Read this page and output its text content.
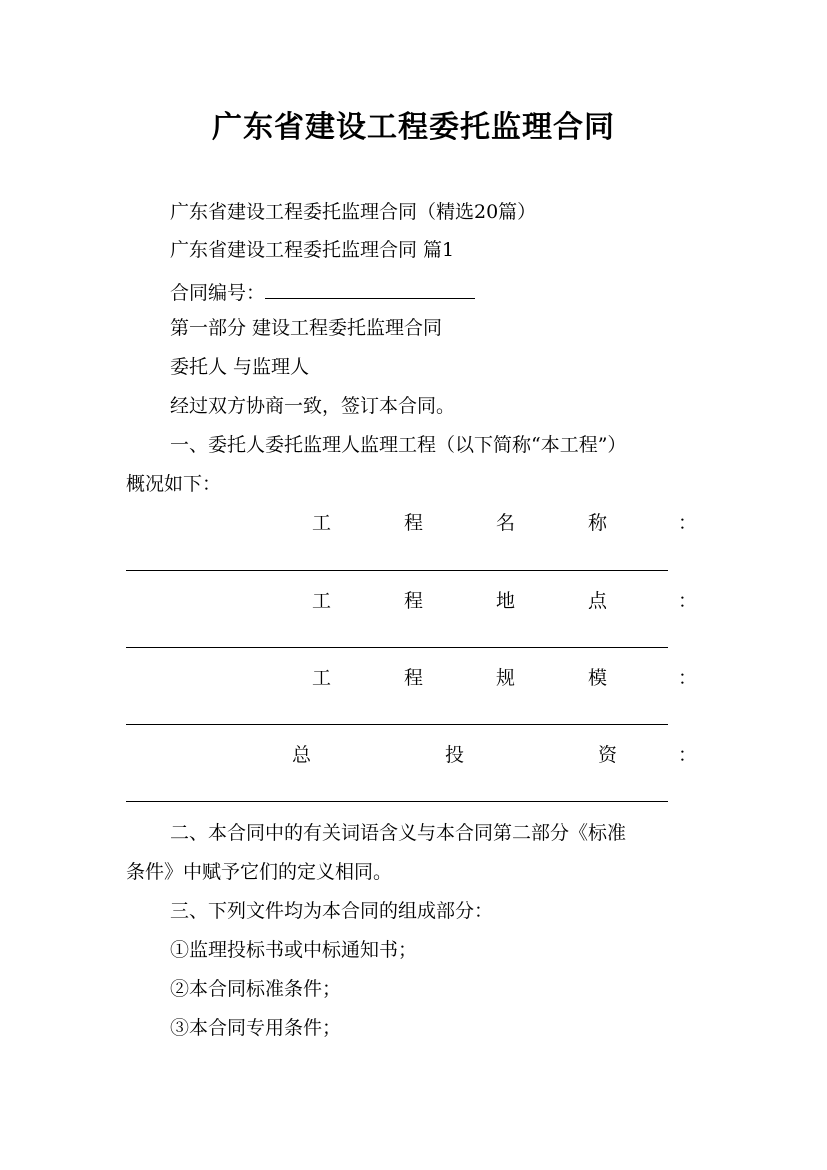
广东省建设工程委托监理合同
广东省建设工程委托监理合同（精选20篇）
广东省建设工程委托监理合同 篇1
合同编号：
第一部分 建设工程委托监理合同
委托人 与监理人
经过双方协商一致，签订本合同。
一、委托人委托监理人监理工程（以下简称“本工程”）
概况如下：
工	程	名	称	：
工	程	地	点	：
工	程	规	模	：
总	投	资	：
二、本合同中的有关词语含义与本合同第二部分《标准
条件》中赋予它们的定义相同。
三、下列文件均为本合同的组成部分：
①监理投标书或中标通知书；
②本合同标准条件；
③本合同专用条件；
